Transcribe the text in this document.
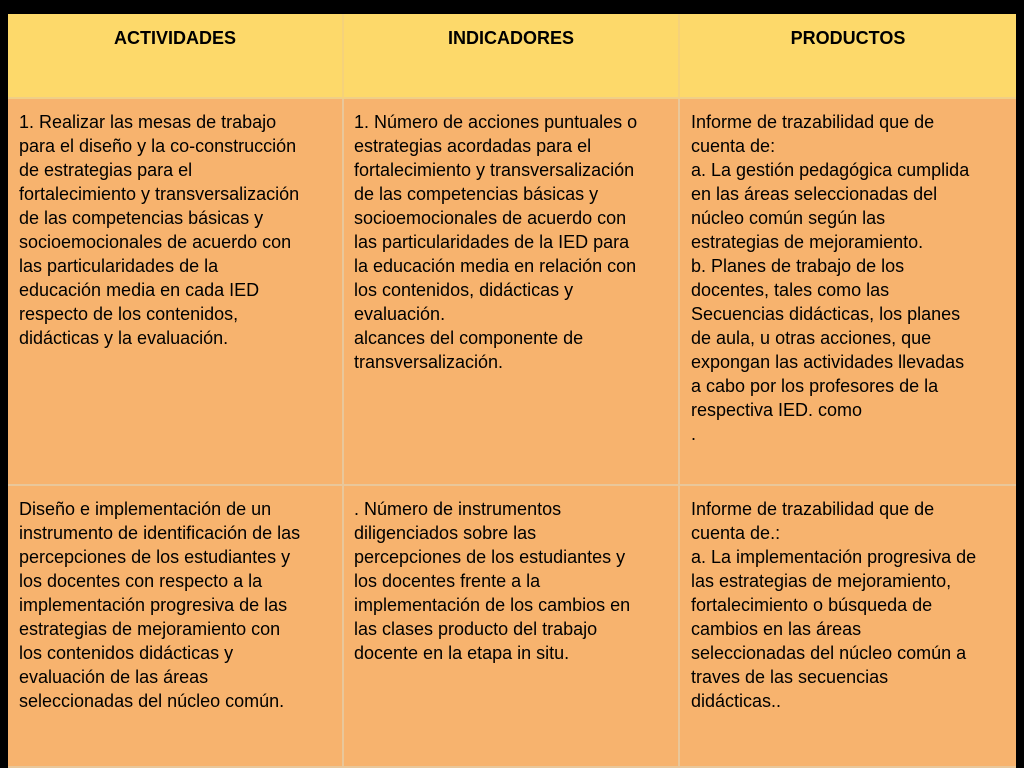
ACTIVIDADES	INDICADORES	PRODUCTOS
1. Realizar las mesas de trabajo
para el diseño y la co-construcción
de estrategias para el
fortalecimiento y transversalización
de las competencias básicas y
socioemocionales de acuerdo con
las particularidades de la
educación media en cada IED
respecto de los contenidos,
didácticas y la evaluación.
1. Número de acciones puntuales o
estrategias acordadas para el
fortalecimiento y transversalización
de las competencias básicas y
socioemocionales de acuerdo con
las particularidades de la IED para
la educación media en relación con
los contenidos, didácticas y
evaluación.
alcances del componente de
transversalización.
Informe de trazabilidad que de
cuenta de:
a. La gestión pedagógica cumplida
en las áreas seleccionadas del
núcleo común según las
estrategias de mejoramiento.
b. Planes de trabajo de los
docentes, tales como las
Secuencias didácticas, los planes
de aula, u otras acciones, que
expongan las actividades llevadas
a cabo por los profesores de la
respectiva IED. como
.
Diseño e implementación de un
instrumento de identificación de las
percepciones de los estudiantes y
los docentes con respecto a la
implementación progresiva de las
estrategias de mejoramiento con
los contenidos didácticas y
evaluación de las áreas
seleccionadas del núcleo común.
. Número de instrumentos
diligenciados sobre las
percepciones de los estudiantes y
los docentes frente a la
implementación de los cambios en
las clases producto del trabajo
docente en la etapa in situ.
Informe de trazabilidad que de
cuenta de.:
a. La implementación progresiva de
las estrategias de mejoramiento,
fortalecimiento o búsqueda de
cambios en las áreas
seleccionadas del núcleo común a
traves de las secuencias
didácticas..
